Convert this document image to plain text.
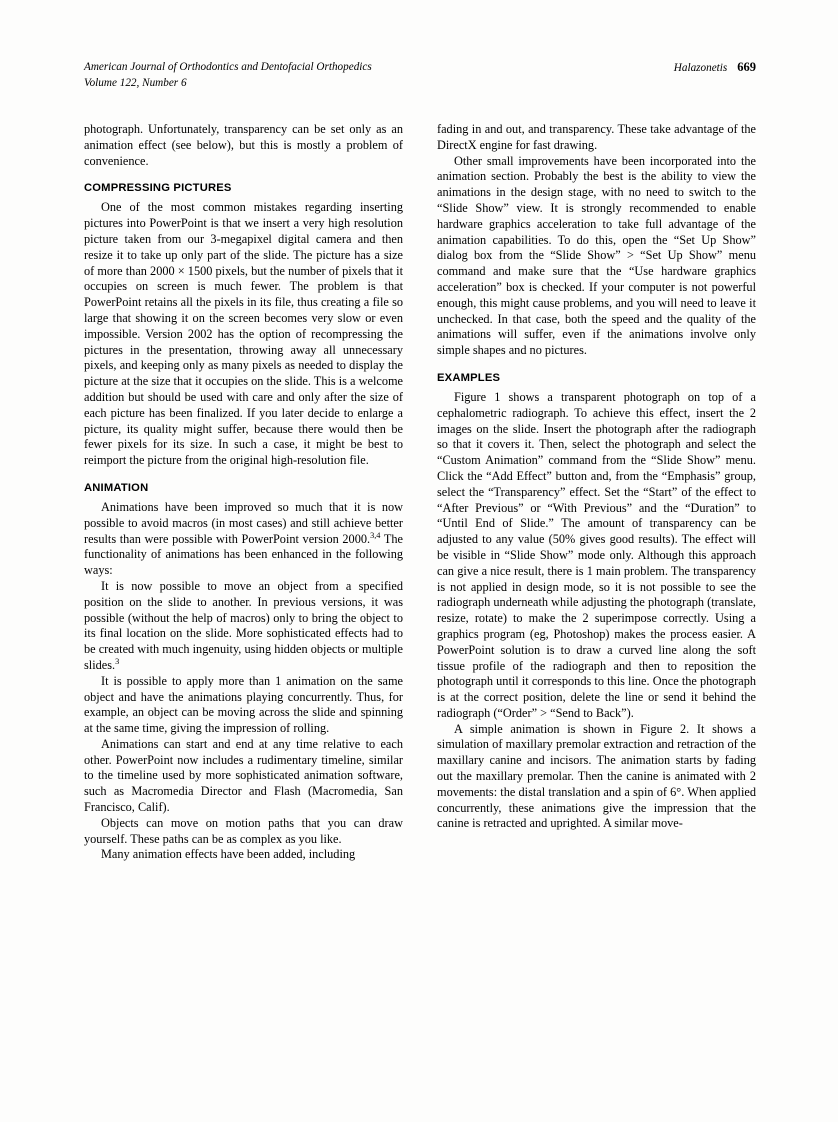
American Journal of Orthodontics and Dentofacial Orthopedics
Volume 122, Number 6
Halazonetis 669

photograph. Unfortunately, transparency can be set only as an animation effect (see below), but this is mostly a problem of convenience.

COMPRESSING PICTURES

One of the most common mistakes regarding inserting pictures into PowerPoint is that we insert a very high resolution picture taken from our 3-megapixel digital camera and then resize it to take up only part of the slide. The picture has a size of more than 2000 × 1500 pixels, but the number of pixels that it occupies on screen is much fewer. The problem is that PowerPoint retains all the pixels in its file, thus creating a file so large that showing it on the screen becomes very slow or even impossible. Version 2002 has the option of recompressing the pictures in the presentation, throwing away all unnecessary pixels, and keeping only as many pixels as needed to display the picture at the size that it occupies on the slide. This is a welcome addition but should be used with care and only after the size of each picture has been finalized. If you later decide to enlarge a picture, its quality might suffer, because there would then be fewer pixels for its size. In such a case, it might be best to reimport the picture from the original high-resolution file.

ANIMATION

Animations have been improved so much that it is now possible to avoid macros (in most cases) and still achieve better results than were possible with PowerPoint version 2000.$^{3,4}$ The functionality of animations has been enhanced in the following ways:

It is now possible to move an object from a specified position on the slide to another. In previous versions, it was possible (without the help of macros) only to bring the object to its final location on the slide. More sophisticated effects had to be created with much ingenuity, using hidden objects or multiple slides.$^3$

It is possible to apply more than 1 animation on the same object and have the animations playing concurrently. Thus, for example, an object can be moving across the slide and spinning at the same time, giving the impression of rolling.

Animations can start and end at any time relative to each other. PowerPoint now includes a rudimentary timeline, similar to the timeline used by more sophisticated animation software, such as Macromedia Director and Flash (Macromedia, San Francisco, Calif).

Objects can move on motion paths that you can draw yourself. These paths can be as complex as you like.

Many animation effects have been added, including

fading in and out, and transparency. These take advantage of the DirectX engine for fast drawing.

Other small improvements have been incorporated into the animation section. Probably the best is the ability to view the animations in the design stage, with no need to switch to the “Slide Show” view. It is strongly recommended to enable hardware graphics acceleration to take full advantage of the animation capabilities. To do this, open the “Set Up Show” dialog box from the “Slide Show” > “Set Up Show” menu command and make sure that the “Use hardware graphics acceleration” box is checked. If your computer is not powerful enough, this might cause problems, and you will need to leave it unchecked. In that case, both the speed and the quality of the animations will suffer, even if the animations involve only simple shapes and no pictures.

EXAMPLES

Figure 1 shows a transparent photograph on top of a cephalometric radiograph. To achieve this effect, insert the 2 images on the slide. Insert the photograph after the radiograph so that it covers it. Then, select the photograph and select the “Custom Animation” command from the “Slide Show” menu. Click the “Add Effect” button and, from the “Emphasis” group, select the “Transparency” effect. Set the “Start” of the effect to “After Previous” or “With Previous” and the “Duration” to “Until End of Slide.” The amount of transparency can be adjusted to any value (50% gives good results). The effect will be visible in “Slide Show” mode only. Although this approach can give a nice result, there is 1 main problem. The transparency is not applied in design mode, so it is not possible to see the radiograph underneath while adjusting the photograph (translate, resize, rotate) to make the 2 superimpose correctly. Using a graphics program (eg, Photoshop) makes the process easier. A PowerPoint solution is to draw a curved line along the soft tissue profile of the radiograph and then to reposition the photograph until it corresponds to this line. Once the photograph is at the correct position, delete the line or send it behind the radiograph (“Order” > “Send to Back”).

A simple animation is shown in Figure 2. It shows a simulation of maxillary premolar extraction and retraction of the maxillary canine and incisors. The animation starts by fading out the maxillary premolar. Then the canine is animated with 2 movements: the distal translation and a spin of 6°. When applied concurrently, these animations give the impression that the canine is retracted and uprighted. A similar move-
